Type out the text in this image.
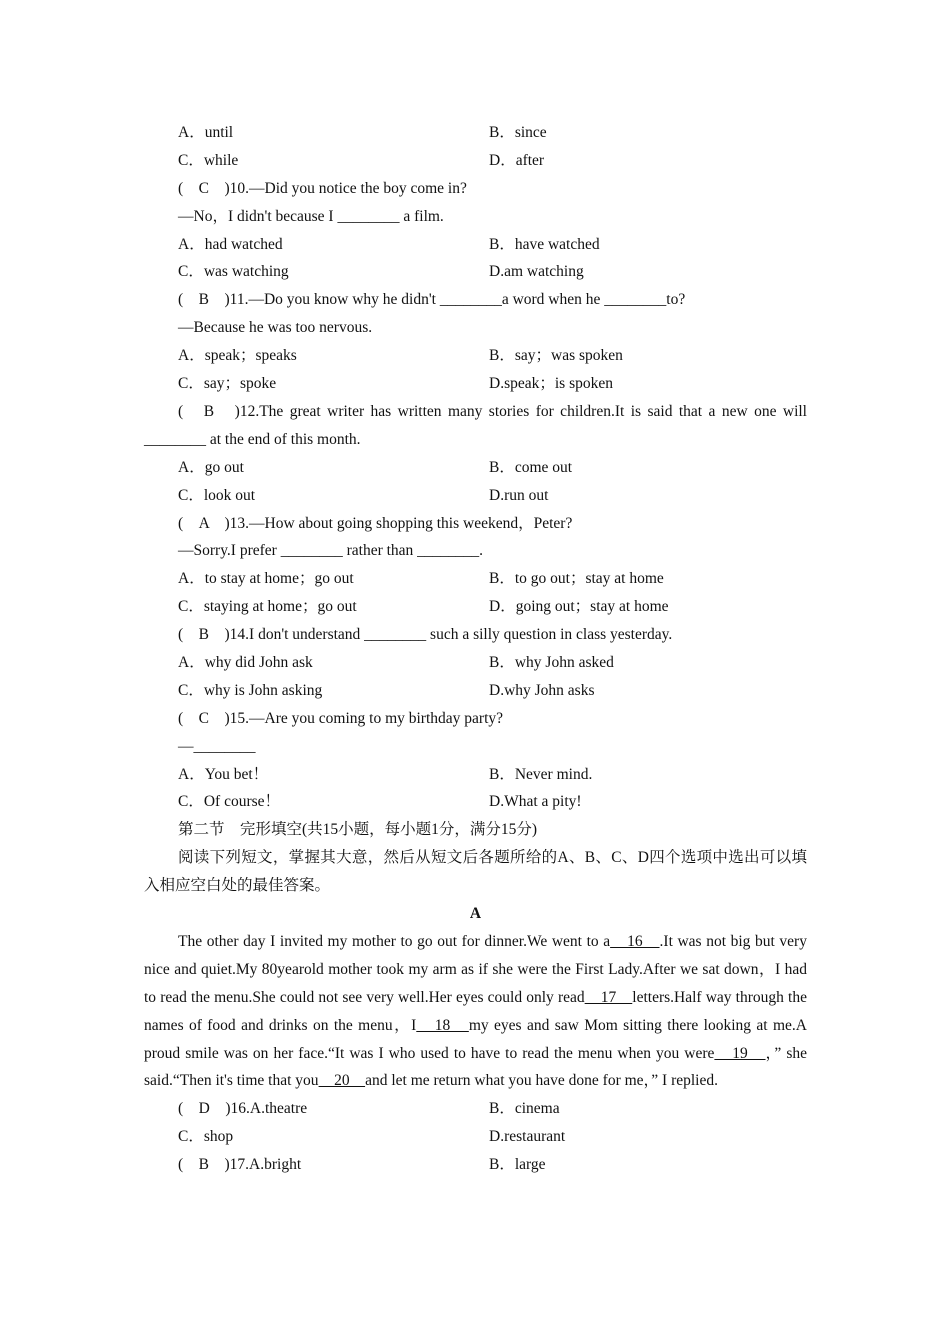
A．until	B．since
C．while	D．after
(　C　)10.—Did you notice the boy come in?
—No，I didn't because I ________ a film.
A．had watched	B．have watched
C．was watching	D.am watching
(　B　)11.—Do you know why he didn't ________a word when he ________to?
—Because he was too nervous.
A．speak；speaks	B．say；was spoken
C．say；spoke	D.speak；is spoken
(　B　)12.The great writer has written many stories for children.It is said that a new one will ________ at the end of this month.
A．go out	B．come out
C．look out	D.run out
(　A　)13.—How about going shopping this weekend，Peter?
—Sorry.I prefer ________ rather than ________.
A．to stay at home；go out	B．to go out；stay at home
C．staying at home；go out	D．going out；stay at home
(　B　)14.I don't understand ________ such a silly question in class yesterday.
A．why did John ask	B．why John asked
C．why is John asking	D.why John asks
(　C　)15.—Are you coming to my birthday party?
—________
A．You bet！	B．Never mind.
C．Of course！	D.What a pity!
第二节　完形填空(共15小题，每小题1分，满分15分)
阅读下列短文，掌握其大意，然后从短文后各题所给的A、B、C、D四个选项中选出可以填入相应空白处的最佳答案。
A
The other day I invited my mother to go out for dinner.We went to a　16　.It was not big but very nice and quiet.My 80yearold mother took my arm as if she were the First Lady.After we sat down，I had to read the menu.She could not see very well.Her eyes could only read　17　letters.Half way through the names of food and drinks on the menu，I　18　my eyes and saw Mom sitting there looking at me.A proud smile was on her face.“It was I who used to have to read the menu when you were　19　，” she said.“Then it's time that you　20　and let me return what you have done for me，” I replied.
(　D　)16.A.theatre	B．cinema
C．shop	D.restaurant
(　B　)17.A.bright	B．large
